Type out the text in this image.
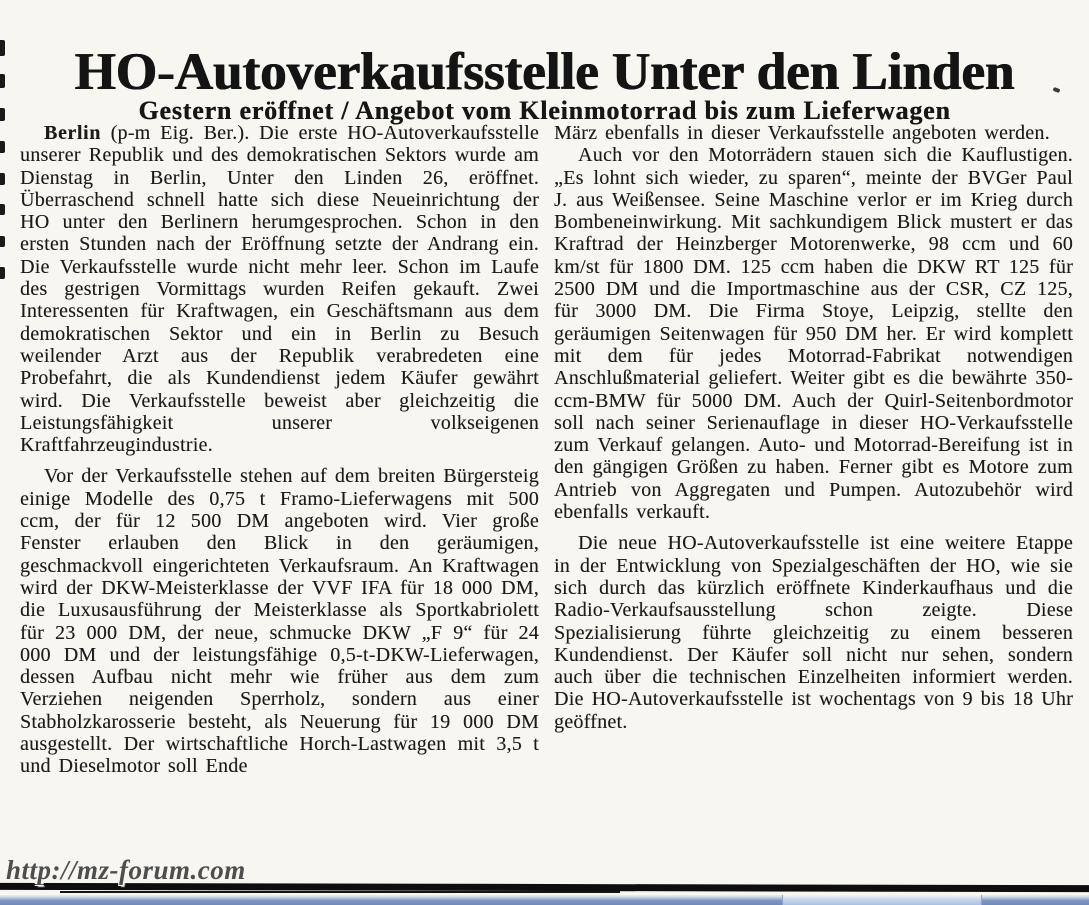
HO-Autoverkaufsstelle Unter den Linden
Gestern eröffnet / Angebot vom Kleinmotorrad bis zum Lieferwagen

Berlin (p-m Eig. Ber.). Die erste HO-Autoverkaufsstelle unserer Republik und des demokratischen Sektors wurde am Dienstag in Berlin, Unter den Linden 26, eröffnet. Überraschend schnell hatte sich diese Neueinrichtung der HO unter den Berlinern herumgesprochen. Schon in den ersten Stunden nach der Eröffnung setzte der Andrang ein. Die Verkaufsstelle wurde nicht mehr leer. Schon im Laufe des gestrigen Vormittags wurden Reifen gekauft. Zwei Interessenten für Kraftwagen, ein Geschäftsmann aus dem demokratischen Sektor und ein in Berlin zu Besuch weilender Arzt aus der Republik verabredeten eine Probefahrt, die als Kundendienst jedem Käufer gewährt wird. Die Verkaufsstelle beweist aber gleichzeitig die Leistungsfähigkeit unserer volkseigenen Kraftfahrzeugindustrie.

Vor der Verkaufsstelle stehen auf dem breiten Bürgersteig einige Modelle des 0,75 t Framo-Lieferwagens mit 500 ccm, der für 12 500 DM angeboten wird. Vier große Fenster erlauben den Blick in den geräumigen, geschmackvoll eingerichteten Verkaufsraum. An Kraftwagen wird der DKW-Meisterklasse der VVF IFA für 18 000 DM, die Luxusausführung der Meisterklasse als Sportkabriolett für 23 000 DM, der neue, schmucke DKW „F 9“ für 24 000 DM und der leistungsfähige 0,5-t-DKW-Lieferwagen, dessen Aufbau nicht mehr wie früher aus dem zum Verziehen neigenden Sperrholz, sondern aus einer Stabholzkarosserie besteht, als Neuerung für 19 000 DM ausgestellt. Der wirtschaftliche Horch-Lastwagen mit 3,5 t und Dieselmotor soll Ende

März ebenfalls in dieser Verkaufsstelle angeboten werden.

Auch vor den Motorrädern stauen sich die Kauflustigen. „Es lohnt sich wieder, zu sparen“, meinte der BVGer Paul J. aus Weißensee. Seine Maschine verlor er im Krieg durch Bombeneinwirkung. Mit sachkundigem Blick mustert er das Kraftrad der Heinzberger Motorenwerke, 98 ccm und 60 km/st für 1800 DM. 125 ccm haben die DKW RT 125 für 2500 DM und die Importmaschine aus der CSR, CZ 125, für 3000 DM. Die Firma Stoye, Leipzig, stellte den geräumigen Seitenwagen für 950 DM her. Er wird komplett mit dem für jedes Motorrad-Fabrikat notwendigen Anschlußmaterial geliefert. Weiter gibt es die bewährte 350-ccm-BMW für 5000 DM. Auch der Quirl-Seitenbordmotor soll nach seiner Serienauflage in dieser HO-Verkaufsstelle zum Verkauf gelangen. Auto- und Motorrad-Bereifung ist in den gängigen Größen zu haben. Ferner gibt es Motore zum Antrieb von Aggregaten und Pumpen. Autozubehör wird ebenfalls verkauft.

Die neue HO-Autoverkaufsstelle ist eine weitere Etappe in der Entwicklung von Spezialgeschäften der HO, wie sie sich durch das kürzlich eröffnete Kinderkaufhaus und die Radio-Verkaufsausstellung schon zeigte. Diese Spezialisierung führte gleichzeitig zu einem besseren Kundendienst. Der Käufer soll nicht nur sehen, sondern auch über die technischen Einzelheiten informiert werden. Die HO-Autoverkaufsstelle ist wochentags von 9 bis 18 Uhr geöffnet.

http://mz-forum.com
